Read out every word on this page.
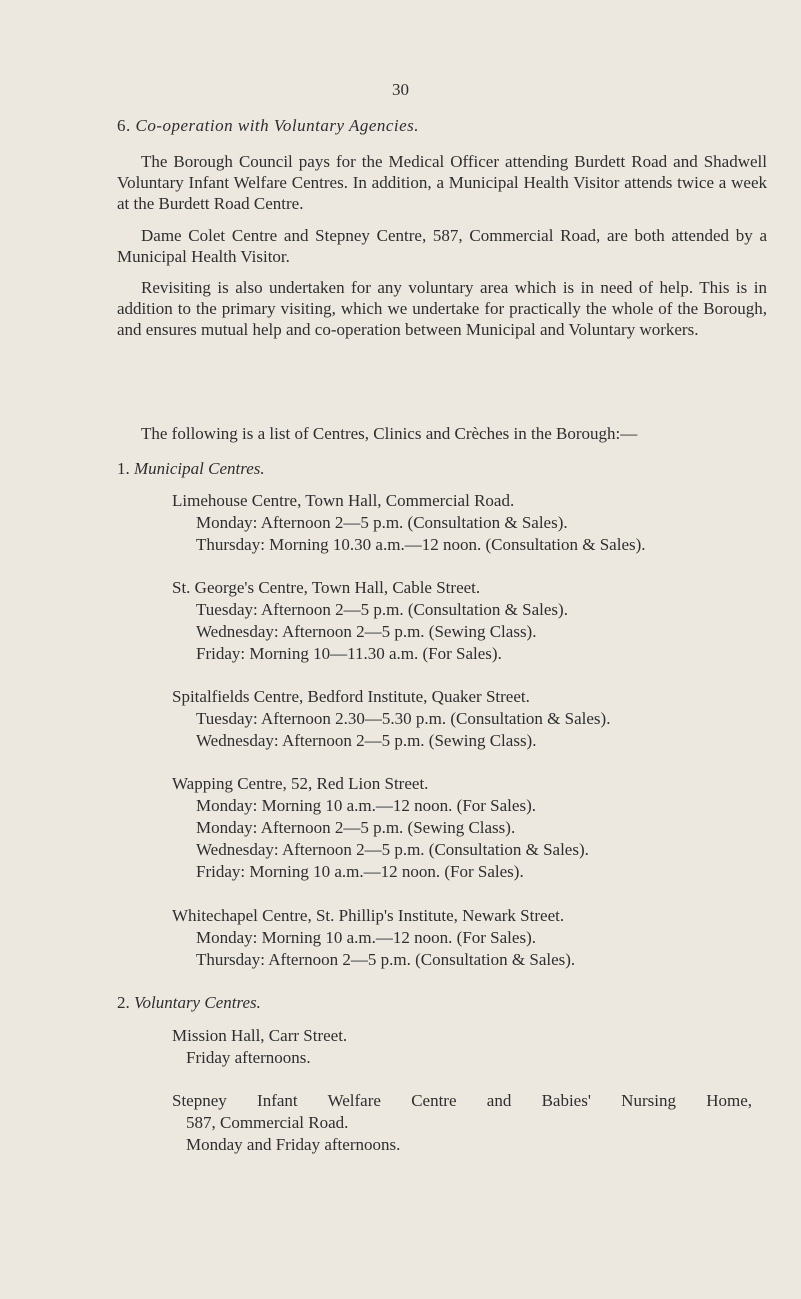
30
6. Co-operation with Voluntary Agencies.

The Borough Council pays for the Medical Officer attending Burdett Road and Shadwell Voluntary Infant Welfare Centres. In addition, a Municipal Health Visitor attends twice a week at the Burdett Road Centre.

Dame Colet Centre and Stepney Centre, 587, Commercial Road, are both attended by a Municipal Health Visitor.

Revisiting is also undertaken for any voluntary area which is in need of help. This is in addition to the primary visiting, which we undertake for practically the whole of the Borough, and ensures mutual help and co-operation between Municipal and Voluntary workers.

The following is a list of Centres, Clinics and Crèches in the Borough:—
1. Municipal Centres.
Limehouse Centre, Town Hall, Commercial Road.
Monday: Afternoon 2—5 p.m. (Consultation & Sales).
Thursday: Morning 10.30 a.m.—12 noon. (Consultation & Sales).
St. George's Centre, Town Hall, Cable Street.
Tuesday: Afternoon 2—5 p.m. (Consultation & Sales).
Wednesday: Afternoon 2—5 p.m. (Sewing Class).
Friday: Morning 10—11.30 a.m. (For Sales).
Spitalfields Centre, Bedford Institute, Quaker Street.
Tuesday: Afternoon 2.30—5.30 p.m. (Consultation & Sales).
Wednesday: Afternoon 2—5 p.m. (Sewing Class).
Wapping Centre, 52, Red Lion Street.
Monday: Morning 10 a.m.—12 noon. (For Sales).
Monday: Afternoon 2—5 p.m. (Sewing Class).
Wednesday: Afternoon 2—5 p.m. (Consultation & Sales).
Friday: Morning 10 a.m.—12 noon. (For Sales).
Whitechapel Centre, St. Phillip's Institute, Newark Street.
Monday: Morning 10 a.m.—12 noon. (For Sales).
Thursday: Afternoon 2—5 p.m. (Consultation & Sales).
2. Voluntary Centres.
Mission Hall, Carr Street.
Friday afternoons.
Stepney Infant Welfare Centre and Babies' Nursing Home,
587, Commercial Road.
Monday and Friday afternoons.
